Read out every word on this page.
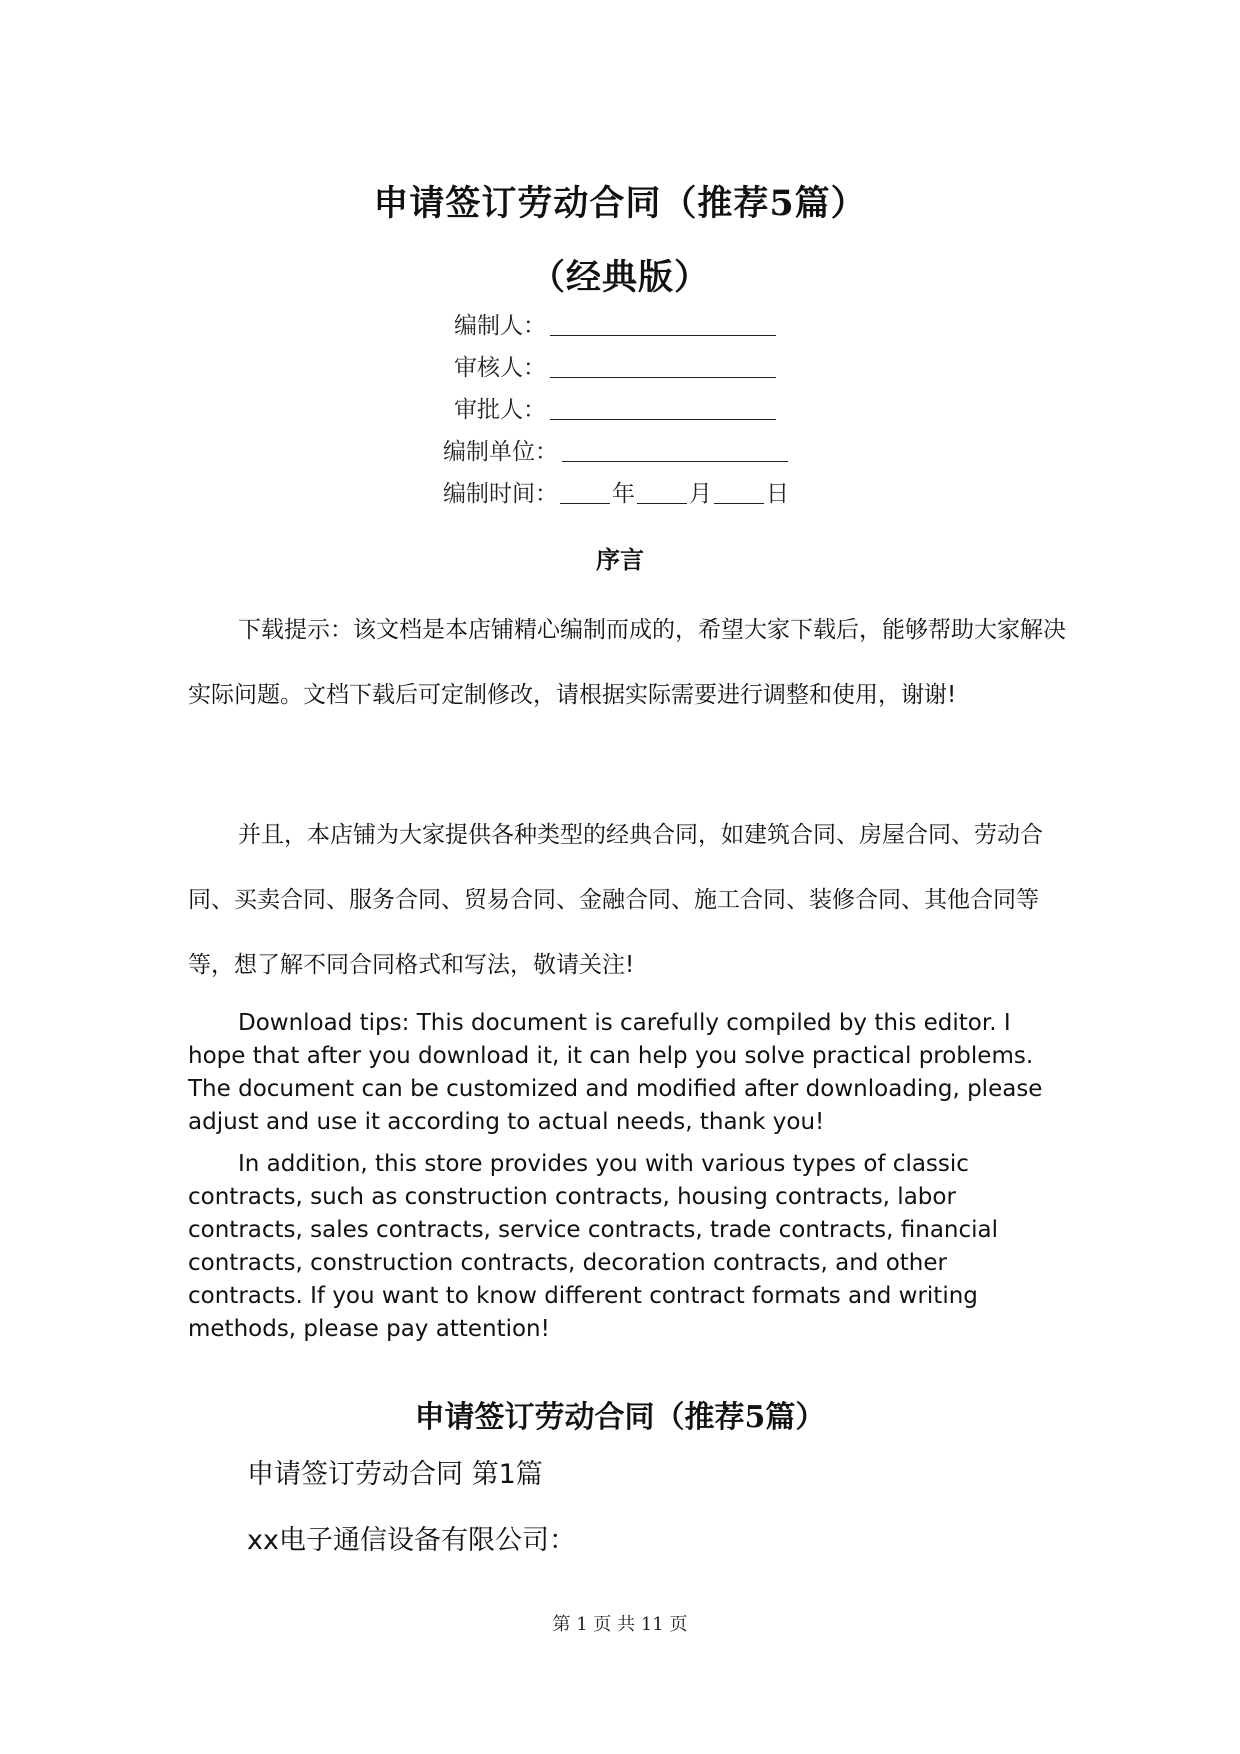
申请签订劳动合同（推荐5篇）
（经典版）
编制人：
审核人：
审批人：
编制单位：
编制时间： 年 月 日
序言

下载提示：该文档是本店铺精心编制而成的，希望大家下载后，能够帮助大家解决实际问题。文档下载后可定制修改，请根据实际需要进行调整和使用，谢谢!

并且，本店铺为大家提供各种类型的经典合同，如建筑合同、房屋合同、劳动合同、买卖合同、服务合同、贸易合同、金融合同、施工合同、装修合同、其他合同等等，想了解不同合同格式和写法，敬请关注!

Download tips: This document is carefully compiled by this editor. I hope that after you download it, it can help you solve practical problems. The document can be customized and modified after downloading, please adjust and use it according to actual needs, thank you!

In addition, this store provides you with various types of classic contracts, such as construction contracts, housing contracts, labor contracts, sales contracts, service contracts, trade contracts, financial contracts, construction contracts, decoration contracts, and other contracts. If you want to know different contract formats and writing methods, please pay attention!

申请签订劳动合同（推荐5篇）
申请签订劳动合同 第1篇
xx电子通信设备有限公司：
第 1 页 共 11 页
